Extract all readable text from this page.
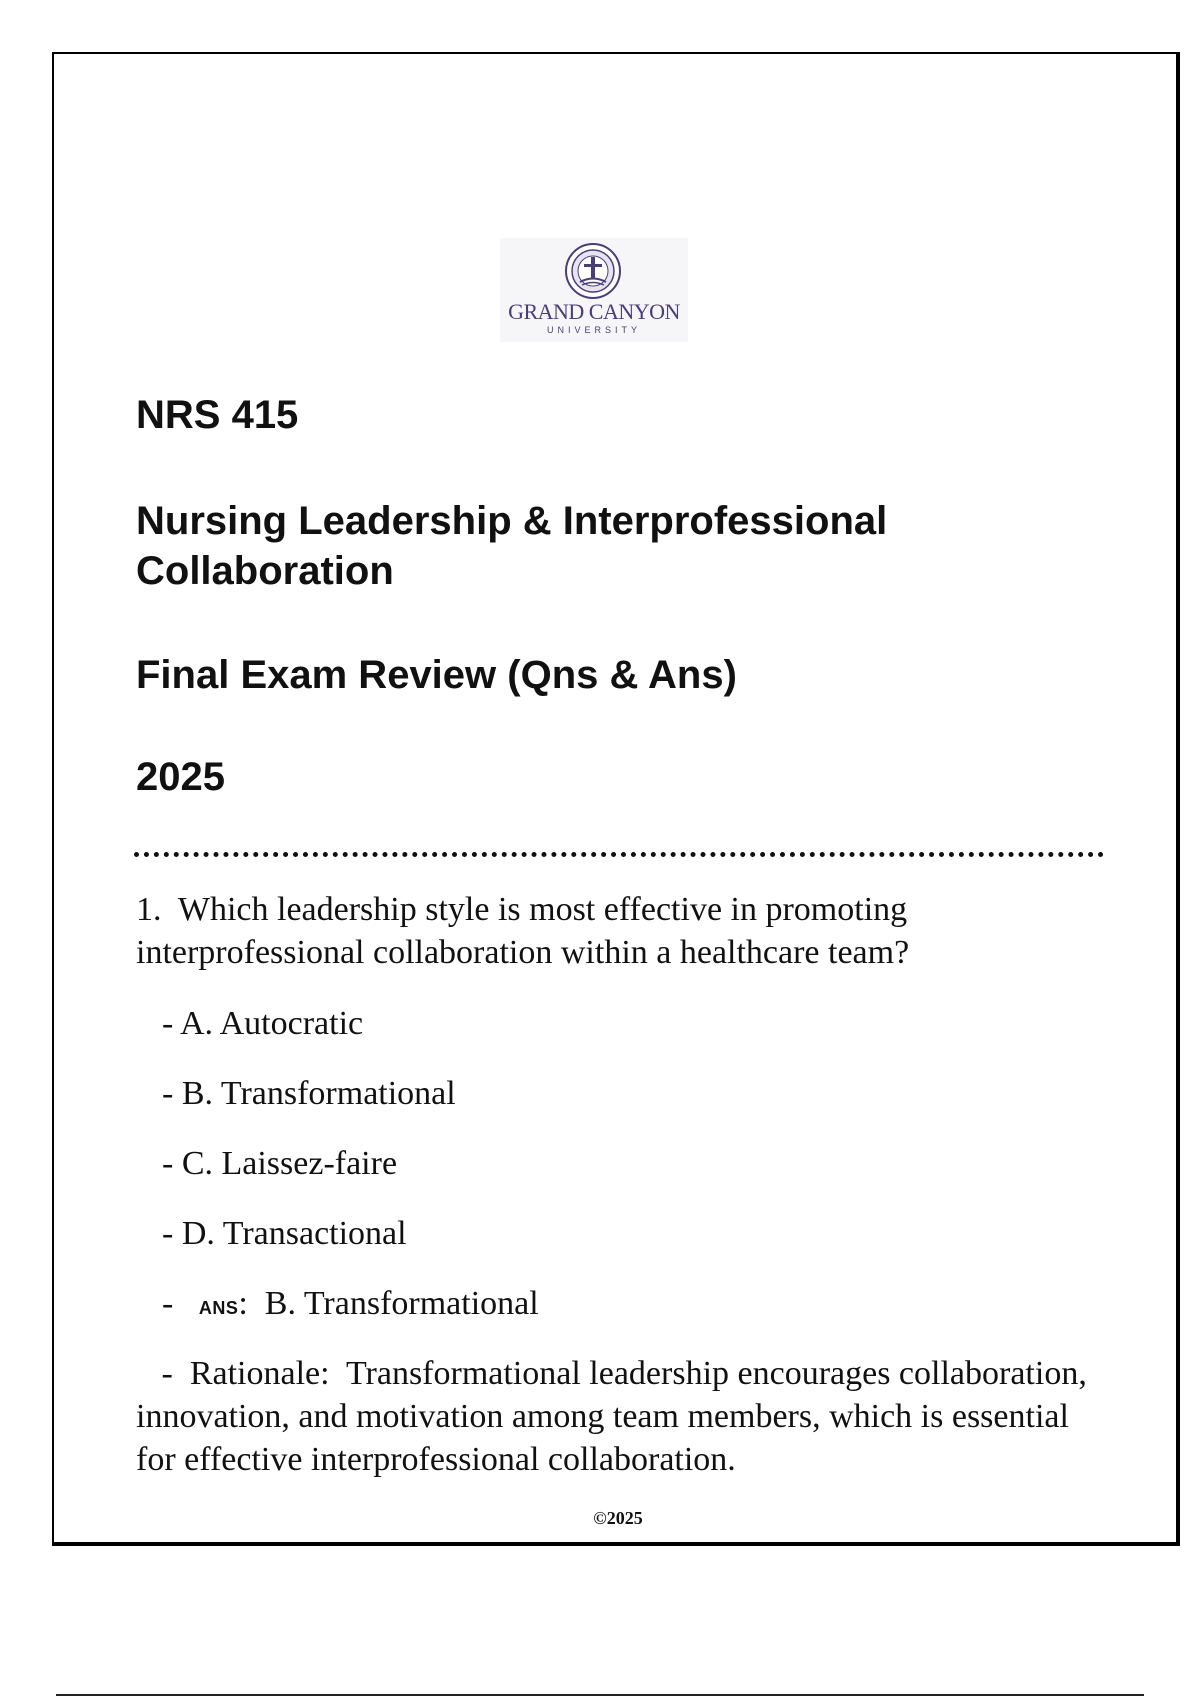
GRAND CANYON
UNIVERSITY
NRS 415
Nursing Leadership & Interprofessional Collaboration
Final Exam Review (Qns & Ans)
2025

1. Which leadership style is most effective in promoting interprofessional collaboration within a healthcare team?

- A. Autocratic

- B. Transformational

- C. Laissez-faire

- D. Transactional

- ANS:  B. Transformational

- Rationale: Transformational leadership encourages collaboration, innovation, and motivation among team members, which is essential for effective interprofessional collaboration.

©2025
